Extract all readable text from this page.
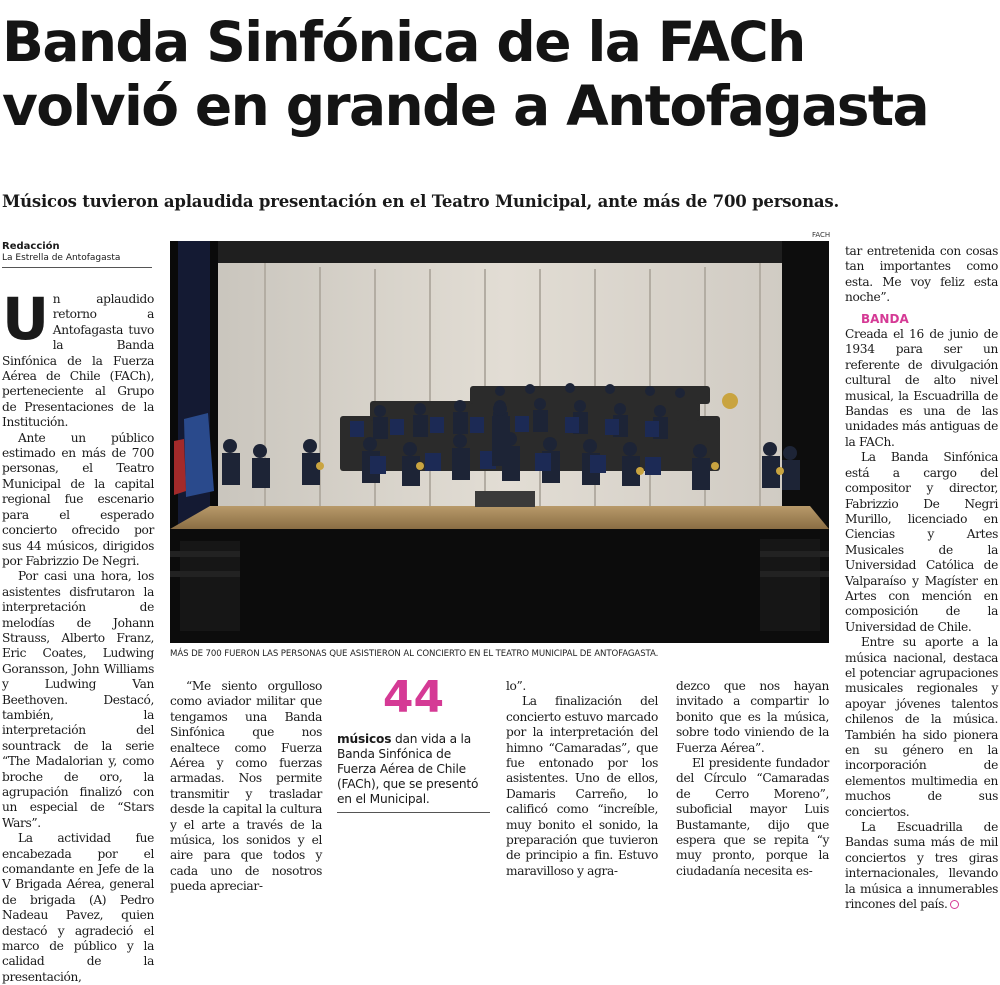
Banda Sinfónica de la FACh
volvió en grande a Antofagasta
Músicos tuvieron aplaudida presentación en el Teatro Municipal, ante más de 700 personas.
Redacción
La Estrella de Antofagasta

Un aplaudido retorno a Antofagasta tuvo la Banda Sinfónica de la Fuerza Aérea de Chile (FACh), perteneciente al Grupo de Presentaciones de la Institución.

Ante un público estimado en más de 700 personas, el Teatro Municipal de la capital regional fue escenario para el esperado concierto ofrecido por sus 44 músicos, dirigidos por Fabrizzio De Negri.

Por casi una hora, los asistentes disfrutaron la interpretación de melodías de Johann Strauss, Alberto Franz, Eric Coates, Ludwing Goransson, John Williams y Ludwing Van Beethoven. Destacó, también, la interpretación del sountrack de la serie “The Madalorian y, como broche de oro, la agrupación finalizó con un especial de “Stars Wars”.

La actividad fue encabezada por el comandante en Jefe de la V Brigada Aérea, general de brigada (A) Pedro Nadeau Pavez, quien destacó y agradeció el marco de público y la calidad de la presentación,

FACH
MÁS DE 700 FUERON LAS PERSONAS QUE ASISTIERON AL CONCIERTO EN EL TEATRO MUNICIPAL DE ANTOFAGASTA.

“Me siento orgulloso como aviador militar que tengamos una Banda Sinfónica que nos enaltece como Fuerza Aérea y como fuerzas armadas. Nos permite transmitir y trasladar desde la capital la cultura y el arte a través de la música, los sonidos y el aire para que todos y cada uno de nosotros pueda apreciar-

44
músicos dan vida a la Banda Sinfónica de Fuerza Aérea de Chile (FACh), que se presentó en el Municipal.

lo”.

La finalización del concierto estuvo marcado por la interpretación del himno “Camaradas”, que fue entonado por los asistentes. Uno de ellos, Damaris Carreño, lo calificó como “increíble, muy bonito el sonido, la preparación que tuvieron de principio a fin. Estuvo maravilloso y agra-

dezco que nos hayan invitado a compartir lo bonito que es la música, sobre todo viniendo de la Fuerza Aérea”.

El presidente fundador del Círculo “Camaradas de Cerro Moreno”, suboficial mayor Luis Bustamante, dijo que espera que se repita “y muy pronto, porque la ciudadanía necesita es-

tar entretenida con cosas tan importantes como esta. Me voy feliz esta noche”.

BANDA

Creada el 16 de junio de 1934 para ser un referente de divulgación cultural de alto nivel musical, la Escuadrilla de Bandas es una de las unidades más antiguas de la FACh.

La Banda Sinfónica está a cargo del compositor y director, Fabrizzio De Negri Murillo, licenciado en Ciencias y Artes Musicales de la Universidad Católica de Valparaíso y Magíster en Artes con mención en composición de la Universidad de Chile.

Entre su aporte a la música nacional, destaca el potenciar agrupaciones musicales regionales y apoyar jóvenes talentos chilenos de la música. También ha sido pionera en su género en la incorporación de elementos multimedia en muchos de sus conciertos.

La Escuadrilla de Bandas suma más de mil conciertos y tres giras internacionales, llevando la música a innumerables rincones del país.
